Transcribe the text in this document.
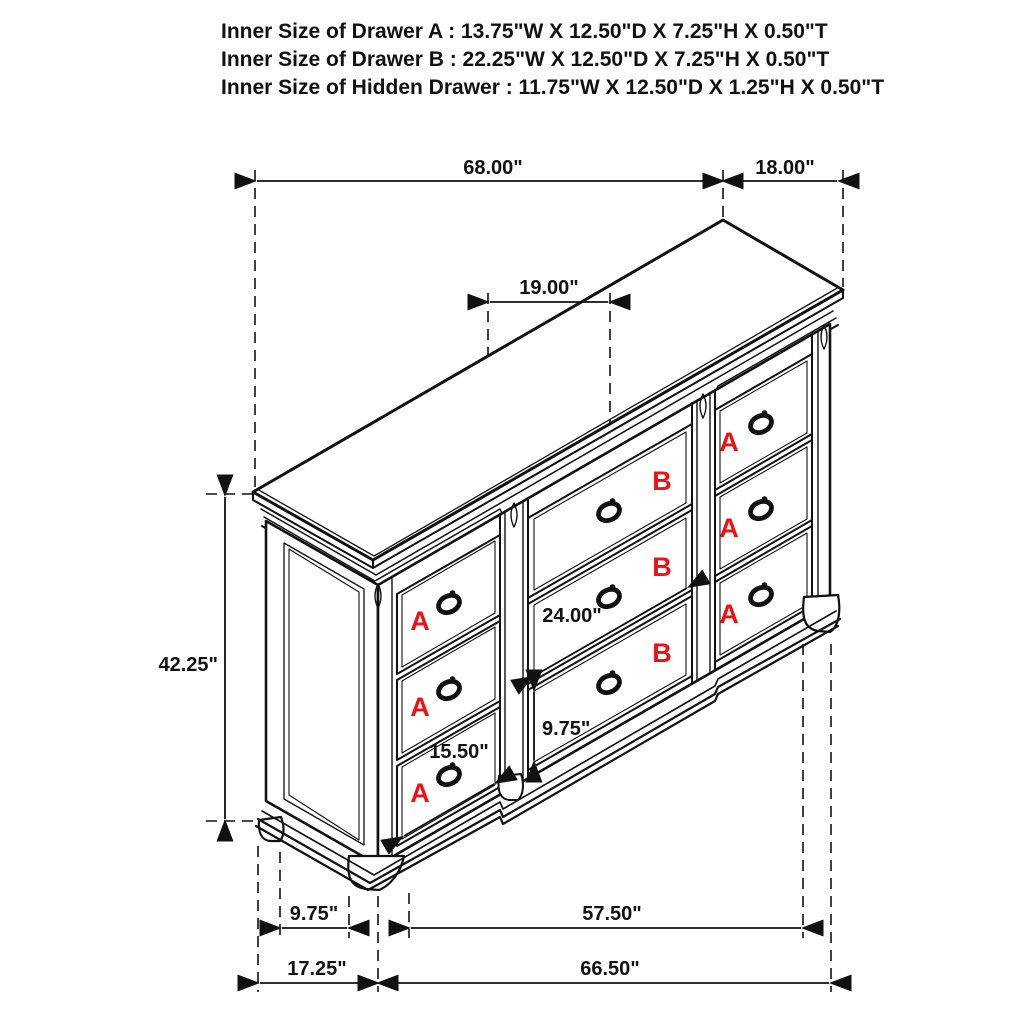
Inner Size of Drawer A : 13.75"W X 12.50"D X 7.25"H X 0.50"T
Inner Size of Drawer B : 22.25"W X 12.50"D X 7.25"H X 0.50"T
Inner Size of Hidden Drawer : 11.75"W X 12.50"D X 1.25"H X 0.50"T
A
A
A
B
B
B
A
A
A
68.00"	18.00"
19.00"
42.25"
24.00"
9.75"
15.50"
9.75"	57.50"
17.25"	66.50"
